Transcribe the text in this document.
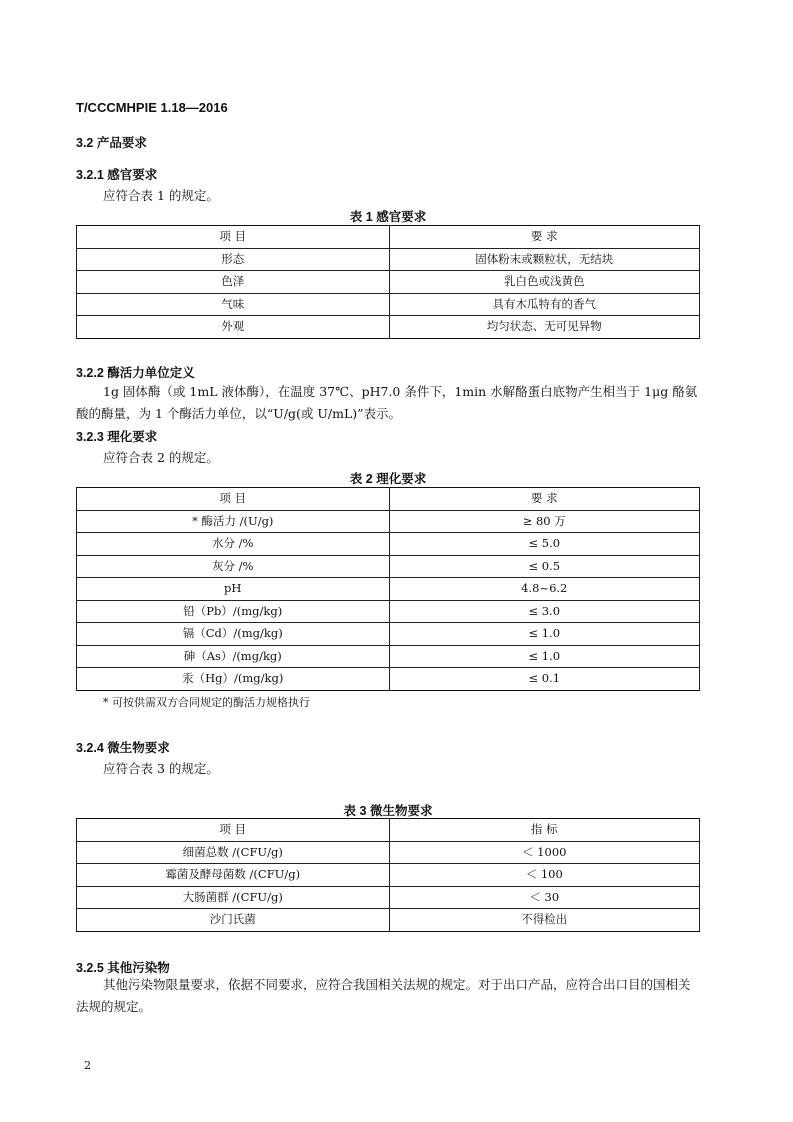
T/CCCMHPIE 1.18—2016
3.2 产品要求
3.2.1 感官要求
应符合表 1 的规定。
表 1 感官要求
项 目	要 求
形态	固体粉末或颗粒状，无结块
色泽	乳白色或浅黄色
气味	具有木瓜特有的香气
外观	均匀状态、无可见异物
3.2.2 酶活力单位定义
1g 固体酶（或 1mL 液体酶），在温度 37℃、pH7.0 条件下，1min 水解酪蛋白底物产生相当于 1μg 酪氨酸的酶量，为 1 个酶活力单位，以“U/g(或 U/mL)”表示。
3.2.3 理化要求
应符合表 2 的规定。
表 2 理化要求
项 目	要 求
* 酶活力 /(U/g)	≥ 80 万
水分 /%	≤ 5.0
灰分 /%	≤ 0.5
pH	4.8~6.2
铅（Pb）/(mg/kg)	≤ 3.0
镉（Cd）/(mg/kg)	≤ 1.0
砷（As）/(mg/kg)	≤ 1.0
汞（Hg）/(mg/kg)	≤ 0.1
* 可按供需双方合同规定的酶活力规格执行
3.2.4 微生物要求
应符合表 3 的规定。
表 3 微生物要求
项 目	指 标
细菌总数 /(CFU/g)	＜ 1000
霉菌及酵母菌数 /(CFU/g)	＜ 100
大肠菌群 /(CFU/g)	＜ 30
沙门氏菌	不得检出
3.2.5 其他污染物
其他污染物限量要求，依据不同要求，应符合我国相关法规的规定。对于出口产品，应符合出口目的国相关法规的规定。
2
